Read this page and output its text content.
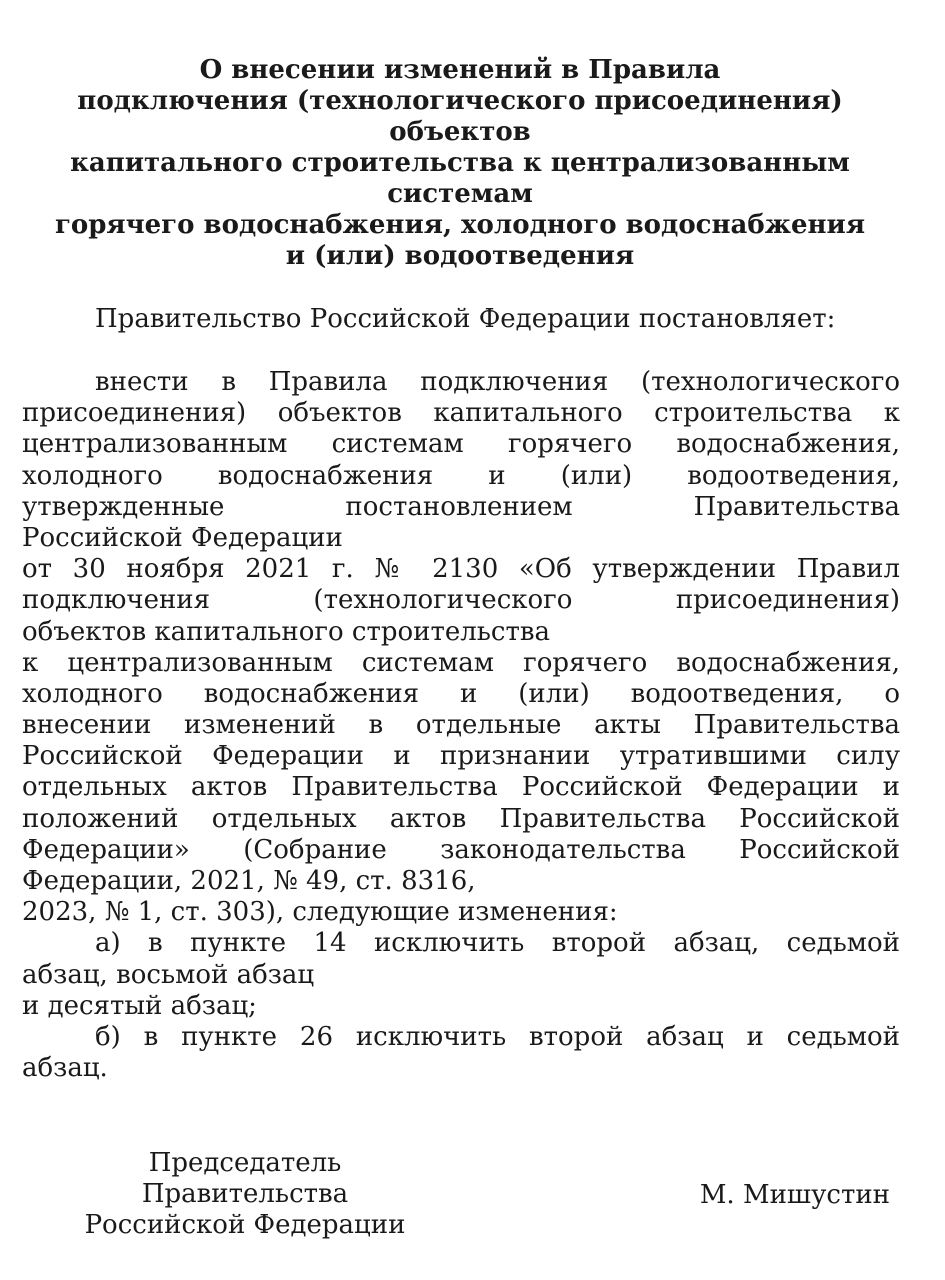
О внесении изменений в Правила
подключения (технологического присоединения)
объектов
капитального строительства к централизованным
системам
горячего водоснабжения, холодного водоснабжения
и (или) водоотведения
Правительство Российской Федерации постановляет:
внести в Правила подключения (технологического
присоединения) объектов капитального строительства к
централизованным системам горячего водоснабжения,
холодного водоснабжения и (или) водоотведения,
утвержденные постановлением Правительства
Российской Федерации
от 30 ноября 2021 г. № 2130 «Об утверждении Правил
подключения (технологического присоединения)
объектов капитального строительства
к централизованным системам горячего водоснабжения,
холодного водоснабжения и (или) водоотведения, о
внесении изменений в отдельные акты Правительства
Российской Федерации и признании утратившими силу
отдельных актов Правительства Российской Федерации и
положений отдельных актов Правительства Российской
Федерации» (Собрание законодательства Российской
Федерации, 2021, № 49, ст. 8316,
2023, № 1, ст. 303), следующие изменения:
а) в пункте 14 исключить второй абзац, седьмой
абзац, восьмой абзац
и десятый абзац;
б) в пункте 26 исключить второй абзац и седьмой
абзац.
Председатель
Правительства
Российской Федерации
М. Мишустин
